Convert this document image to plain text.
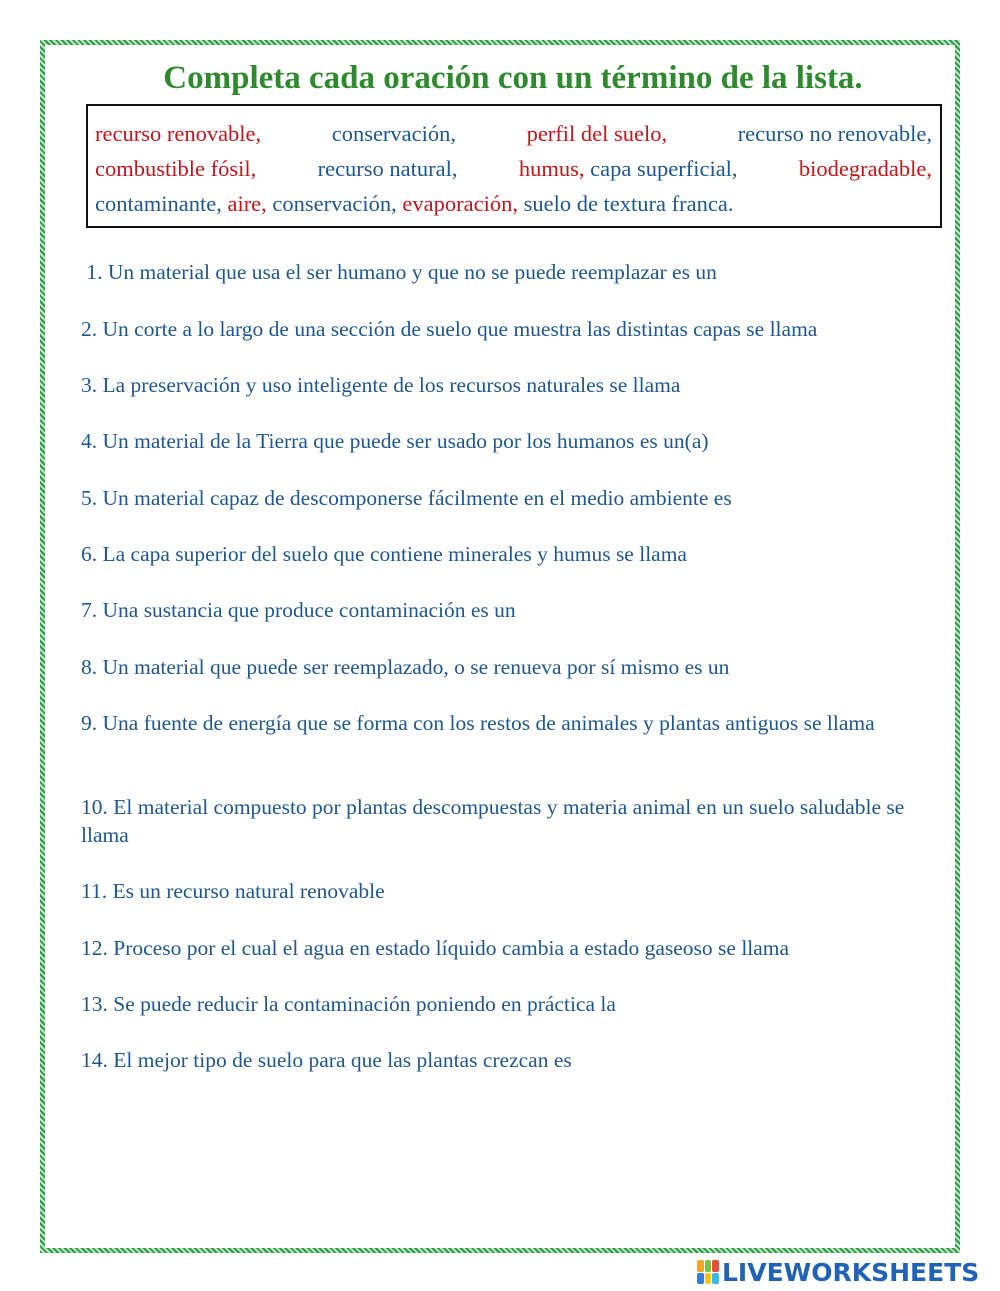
Completa cada oración con un término de la lista.
recurso renovable,	conservación,	perfil del suelo,	recurso no renovable,
combustible fósil,	recurso natural,	humus, capa superficial,	biodegradable,
contaminante,
aire,
conservación,
evaporación,
suelo de textura franca.
1. Un material que usa el ser humano y que no se puede reemplazar es un
2. Un corte a lo largo de una sección de suelo que muestra las distintas capas se llama
3. La preservación y uso inteligente de los recursos naturales se llama
4. Un material de la Tierra que puede ser usado por los humanos es un(a)
5. Un material capaz de descomponerse fácilmente en el medio ambiente es
6. La capa superior del suelo que contiene minerales y humus se llama
7. Una sustancia que produce contaminación es un
8. Un material que puede ser reemplazado, o se renueva por sí mismo es un
9. Una fuente de energía que se forma con los restos de animales y plantas antiguos se llama
10. El material compuesto por plantas descompuestas y materia animal en un suelo saludable se llama
11. Es un recurso natural renovable
12. Proceso por el cual el agua en estado líquido cambia a estado gaseoso se llama
13. Se puede reducir la contaminación poniendo en práctica la
14. El mejor tipo de suelo para que las plantas crezcan es
LIVEWORKSHEETS
